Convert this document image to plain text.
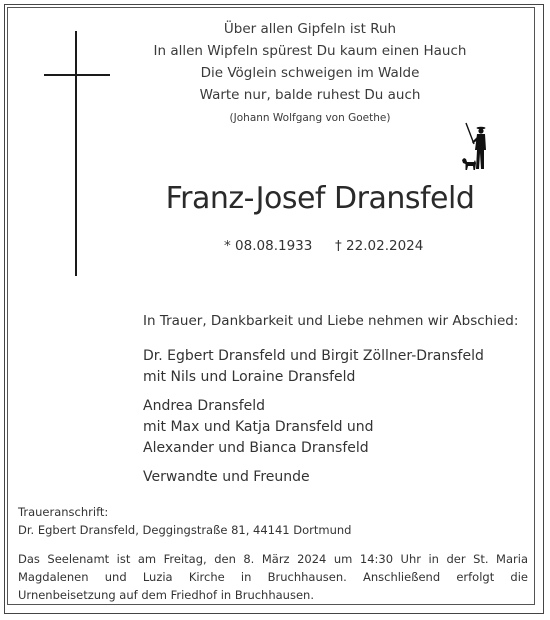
Über allen Gipfeln ist Ruh
In allen Wipfeln spürest Du kaum einen Hauch
Die Vöglein schweigen im Walde
Warte nur, balde ruhest Du auch
(Johann Wolfgang von Goethe)
Franz-Josef Dransfeld
* 08.08.1933 † 22.02.2024
In Trauer, Dankbarkeit und Liebe nehmen wir Abschied:
Dr. Egbert Dransfeld und Birgit Zöllner-Dransfeld
mit Nils und Loraine Dransfeld
Andrea Dransfeld
mit Max und Katja Dransfeld und
Alexander und Bianca Dransfeld
Verwandte und Freunde
Traueranschrift:
Dr. Egbert Dransfeld, Deggingstraße 81, 44141 Dortmund
Das Seelenamt ist am Freitag, den 8. März 2024 um 14:30 Uhr in der St. Maria Magdalenen und Luzia Kirche in Bruchhausen. Anschließend erfolgt die Urnenbeisetzung auf dem Friedhof in Bruchhausen.
